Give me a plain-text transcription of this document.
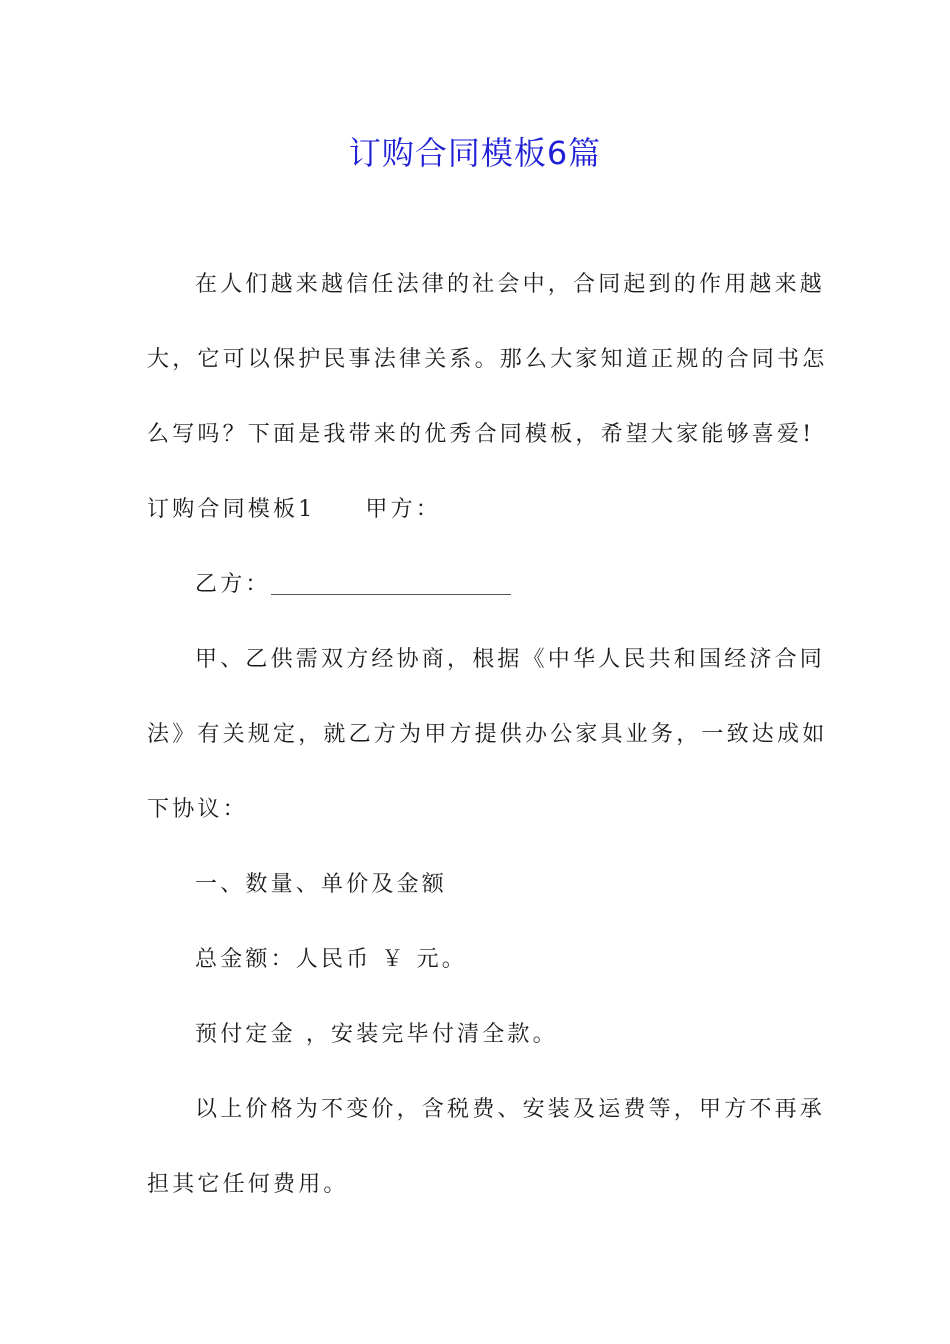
订购合同模板6篇
在人们越来越信任法律的社会中，合同起到的作用越来越
大，它可以保护民事法律关系。那么大家知道正规的合同书怎
么写吗？下面是我带来的优秀合同模板，希望大家能够喜爱!
订购合同模板1 甲方：
乙方：
甲、乙供需双方经协商，根据《中华人民共和国经济合同
法》有关规定，就乙方为甲方提供办公家具业务，一致达成如
下协议：
一、数量、单价及金额
总金额：人民币 ￥ 元。
预付定金 ，安装完毕付清全款。
以上价格为不变价，含税费、安装及运费等，甲方不再承
担其它任何费用。
